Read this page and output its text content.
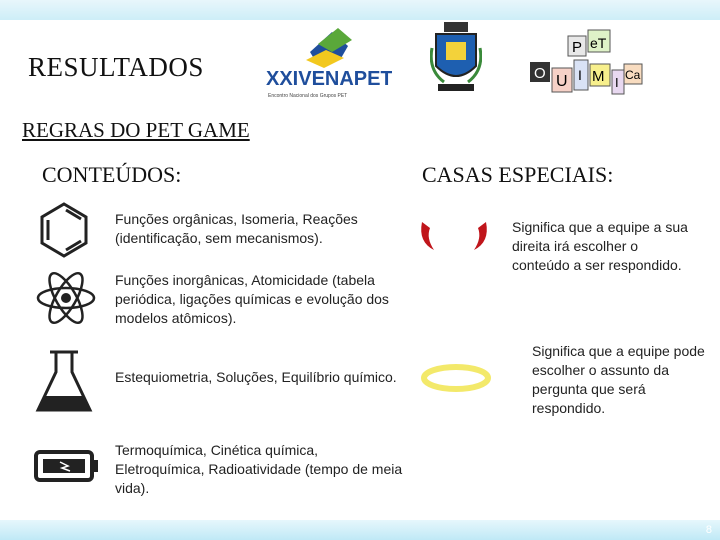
RESULTADOS	XXIVENAPET
Encontro Nacional dos Grupos PET
P eT
O U I M I Ca
REGRAS DO PET GAME
CONTEÚDOS:	CASAS ESPECIAIS:
Funções orgânicas, Isomeria, Reações (identificação, sem mecanismos).
Funções inorgânicas, Atomicidade (tabela periódica, ligações químicas e evolução dos modelos atômicos).
Estequiometria, Soluções, Equilíbrio químico.
Termoquímica, Cinética química, Eletroquímica, Radioatividade (tempo de meia vida).
Significa que a equipe a sua direita irá escolher o conteúdo a ser respondido.
Significa que a equipe pode escolher o assunto da pergunta que será respondido.
8
